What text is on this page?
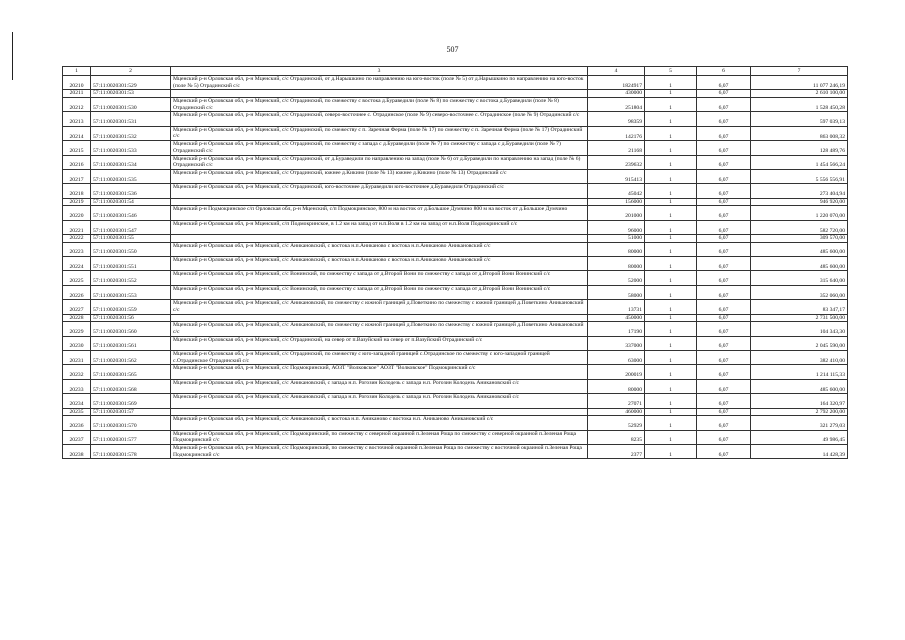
507
1	2	3	4	5	6	7
20210	57:11:0020301:529	Мценский р-н Орловская обл, р-н Мценский, с/с Отрадинский, от д.Нарышкино по направлению на юго-восток (поле № 5) от д.Нарышкино по направлению на юго-восток (поле № 5) Отрадинский с/с	1824917	1	6,07	11 077 246,19
20211	57:11:0020301:53		430000	1	6,07	2 610 100,00
20212	57:11:0020301:530	Мценский р-н Орловская обл, р-н Мценский, с/с Отрадинский, по смежеству с востока д.Бураведили (поле № 8) по смежеству с востока д.Бураведили (поле № 8) Отрадинский с/с	251804	1	6,07	1 528 450,28
20213	57:11:0020301:531	Мценский р-н Орловская обл, р-н Мценский, с/с Отрадинский, северо-восточнее с. Отрадинское (поле № 9) северо-восточнее с. Отрадинское (поле № 9) Отрадинский с/с	98359	1	6,07	597 039,13
20214	57:11:0020301:532	Мценский р-н Орловская обл, р-н Мценский, с/с Отрадинский, по смежеству с п. Заречная Ферма (поле № 17) по смежеству с п. Заречная Ферма (поле № 17) Отрадинский с/с	142176	1	6,07	863 008,32
20215	57:11:0020301:533	Мценский р-н Орловская обл, р-н Мценский, с/с Отрадинский, по смежеству с запада с д.Бураведили (поле № 7) по смежеству с запада с д.Бураведили (поле № 7) Отрадинский с/с	21168	1	6,07	128 489,76
20216	57:11:0020301:534	Мценский р-н Орловская обл, р-н Мценский, с/с Отрадинский, от д.Бураведили по направлению на запад (поле № 6) от д.Бураведили по направлению на запад (поле № 6) Отрадинский с/с	239632	1	6,07	1 454 566,24
20217	57:11:0020301:535	Мценский р-н Орловская обл, р-н Мценский, с/с Отрадинский, южнее д.Кикино (поле № 13) южнее д.Кикино (поле № 13) Отрадинский с/с	915413	1	6,07	5 556 556,91
20218	57:11:0020301:536	Мценский р-н Орловская обл, р-н Мценский, с/с Отрадинский, юго-восточнее д.Бураведили юго-восточнее д.Бураведили Отрадинский с/с	45042	1	6,07	273 404,94
20219	57:11:0020301:54		156000	1	6,07	946 920,00
20220	57:11:0020301:546	Мценский р-н Подмокринское с/п Орловская обл, р-н Мценский, с/п Подмокринское, 800 м на восток от д.Большое Думчино 800 м на восток от д.Большое Думчино	201000	1	6,07	1 220 070,00
20221	57:11:0020301:547	Мценский р-н Орловская обл, р-н Мценский, с/п Подмокринское, в 1.2 км на запад от н.п.Воля в 1.2 км на запад от н.п.Воля Подмокринский с/с	96000	1	6,07	582 720,00
20222	57:11:0020301:55		51000	1	6,07	309 570,00
20223	57:11:0020301:550	Мценский р-н Орловская обл, р-н Мценский, с/с Аникановский, с востока н.п.Аниканово с востока н.п.Аниканово Аникановский с/с	80000	1	6,07	485 600,00
20224	57:11:0020301:551	Мценский р-н Орловская обл, р-н Мценский, с/с Аникановский, с востока н.п.Аниканово с востока н.п.Аниканово Аникановский с/с	80000	1	6,07	485 600,00
20225	57:11:0020301:552	Мценский р-н Орловская обл, р-н Мценский, с/с Вонинский, по смежеству с запада от д.Второй Вони по смежеству с запада от д.Второй Вони Вонинский с/с	52000	1	6,07	315 640,00
20226	57:11:0020301:553	Мценский р-н Орловская обл, р-н Мценский, с/с Вонинский, по смежеству с запада от д.Второй Вони по смежеству с запада от д.Второй Вони Вонинский с/с	58000	1	6,07	352 060,00
20227	57:11:0020301:559	Мценский р-н Орловская обл, р-н Мценский, с/с Аникановский, по смежеству с южной границей д.Поветкино по смежеству с южной границей д.Поветкино Аникановский с/с	13731	1	6,07	83 347,17
20228	57:11:0020301:56		450000	1	6,07	2 731 500,00
20229	57:11:0020301:560	Мценский р-н Орловская обл, р-н Мценский, с/с Аникановский, по смежеству с южной границей д.Поветкино по смежеству с южной границей д.Поветкино Аникановский с/с	17190	1	6,07	104 343,30
20230	57:11:0020301:561	Мценский р-н Орловская обл, р-н Мценский, с/с Отрадинский, на север от п.Вазуйский на север от п.Вазуйский Отрадинский с/с	337000	1	6,07	2 045 590,00
20231	57:11:0020301:562	Мценский р-н Орловская обл, р-н Мценский, с/с Отрадинский, по смежеству с юго-западной границей с.Отрадинское по смежеству с юго-западной границей с.Отрадинское Отрадинский с/с	63000	1	6,07	382 410,00
20232	57:11:0020301:565	Мценский р-н Орловская обл, р-н Мценский, с/с Подмокринский, АОЗТ "Волковское" АОЗТ "Волковское" Подмокринский с/с	200019	1	6,07	1 214 115,33
20233	57:11:0020301:568	Мценский р-н Орловская обл, р-н Мценский, с/с Аникановский, с запада н.п. Рогозин Колодезь с запада н.п. Рогозин Колодезь Аникановский с/с	80000	1	6,07	485 600,00
20234	57:11:0020301:569	Мценский р-н Орловская обл, р-н Мценский, с/с Аникановский, с запада н.п. Рогозин Колодезь с запада н.п. Рогозин Колодезь Аникановский с/с	27071	1	6,07	164 320,97
20235	57:11:0020301:57		460000	1	6,07	2 792 200,00
20236	57:11:0020301:570	Мценский р-н Орловская обл, р-н Мценский, с/с Аникановский, с востока н.п. Аниканово с востока н.п. Аниканово Аникановский с/с	52929	1	6,07	321 279,03
20237	57:11:0020301:577	Мценский р-н Орловская обл, р-н Мценский, с/с Подмокринский, по смежеству с северной окраиной п.Зеленая Роща по смежеству с северной окраиной п.Зеленая Роща Подмокринский с/с	8235	1	6,07	49 986,45
20238	57:11:0020301:578	Мценский р-н Орловская обл, р-н Мценский, с/с Подмокринский, по смежеству с восточной окраиной п.Зеленая Роща по смежеству с восточной окраиной п.Зеленая Роща Подмокринский с/с	2377	1	6,07	14 428,39
